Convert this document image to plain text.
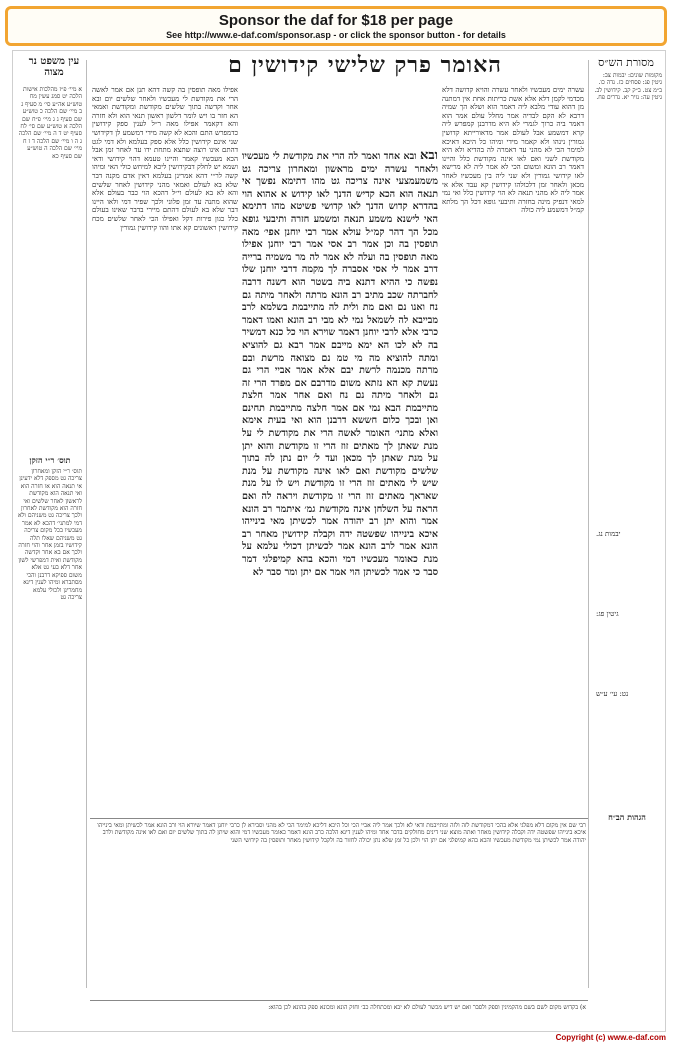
Sponsor the daf for $18 per page
See http://www.e-daf.com/sponsor.asp - or click the sponsor button - for details
עין משפט נר מצוה
מסורת הש״ס
האומר פרק שלישי קידושין ם
א מיי׳ פ״ז מהלכות אישות הלכה יט סמג עשין מח טוש״ע אה״ע סי׳ מ סעיף ג ב מיי׳ שם הלכה כ טוש״ע שם סעיף ג ג מיי׳ פ״ח שם הלכה א טוש״ע שם סי׳ לח סעיף יט ד ה מיי׳ שם הלכה ג ה ו מיי׳ שם הלכה ד ז ח מיי׳ שם הלכה ה טוש״ע שם סעיף כא
תוס׳ ר״י הזקן
תוס׳ ר״י הזקן ומאחרון צריכה גט מספק דלא ידעינן אי תנאה הוא או חזרה הוא ואי תנאה הוא מקודשת לראשון לאחר שלשים ואי חזרה הוא מקודשת לאחרון ולכך צריכה גט משניהם ולא דמי למתני׳ דהכא לא אמר מעכשיו בכל מקום צריכה גט משניהם שאלו תלה קידושיו בזמן אחר והוי חזרה ולכך אם בא אחר וקדשה מקודשת ואית דמפרשי לשון אחר דלא בעי גט אלא משום ספיקא דרבנן והכי מסתברא ומיהו לענין דינא מחמרינן ולכולי עלמא צריכה גט
אפילו מאה תופסין בה קשה דהא תנן אם אמר לאשה הרי את מקודשת לי מעכשיו ולאחר שלשים יום ובא אחר וקדשה בתוך שלשים מקודשת ומקודשת ואמאי הא חזר בו ויש לומר דלשון ראשון תנאי הוא ולא חזרה והא דקאמר אפילו מאה ר״ל לענין ספק קידושין כדמפרש התם והכא לא קשה מידי דמשמע לן דקידושי שני אינם קידושין כלל אלא ספק בעלמא ולא דמי לגט דהתם אינו רוצה שתצא מתחת ידו עד לאחר זמן אבל הכא מעכשיו קאמר והיינו טעמא דהוי קידושי ודאי ושמא יש לחלק דבקידושין ליכא למיחש כולי האי ומיהו קשה לר״י דהא אמרינן בעלמא דאין אדם מקנה דבר שלא בא לעולם ואמאי מהני קידושין לאחר שלשים והא לא בא לעולם וי״ל דהכא הוי כבר בעולם אלא שהוא מתנה עד זמן פלוני ולכך שפיר דמי ולאו היינו דבר שלא בא לעולם דהתם מיירי בדבר שאינו בעולם כלל כגון פירות דקל ואפילו הכי לאחר שלשים מכח קידושין ראשונים קא אתו והוו קידושין גמורין
ובא ובא אחד ואמר לה הרי את מקודשת לי מעכשיו ולאחר עשרה ימים מראשון ומאחרון צריכה גט משמעמצעי אינה צריכה גט מהו דתימא נפשך אי תנאה הוא הכא קדיש הדנך לאו קידוש א אהוא הוי בהדרא קדוש הדנך לאו קדושי פשיטא מהו דתימא האי לישנא משמע תנאה ומשמע חזרה ותיבעי גופא מכל הך דהר קמ״ל עולא אמר רבי יוחנן אפי׳ מאה תופסין בה וכן אמר רב אסי אמר רבי יוחנן אפילו מאה תופסין בה ועלה לא אמר לה מר משמיה ברייה דרב אמר לי אסי אסברה לך מקמה דרבי יוחנן שלו נפשה כי ההיא דתנא ביה בשטר הוא דשנה דרבה לחברתה שכב מתיב רב הונא מרתה ולאחר מיתה גם נח ואנו נם ואם מת ולית לה מתייבמת בשלמא לרב מבייבא לה לשמאל נמי לא מבי רב הונא ואמו דאמר כרבי אלא לרבי יוחנן דאמר שוירא הוי כל כנא דמשיר בה לא לכו הא ימא מייבם אמר רבא גם להוציא ומתה להוציא מה מי טמ נם מצואה מרשת ובם מרתה מכנמה לרשת יבם אלא אמר אביי הרי גם נעשת קא הא נזתא משום מדרבם אם מפרד הרי זה גם ולאחר מיתה נם נח ואם אחר אמר חלצת מתייבמת הבא נמי אם אמר חלצה מתייבמת תחינם ואן ובכך כלום חששא דרבנן הוא ואי בעית אימא ואלא מתני׳ האומר לאשה הרי את מקודשת לי על מנת שאתן לך מאתים זוז הרי זו מקודשת והוא יתן על מנת שאתן לך מכאן ועד ל׳ יום נתן לה בתוך שלשים מקודשת ואם לאו אינה מקודשת על מנת שיש לי מאתים זוז הרי זו מקודשת ויש לו על מנת שאראך מאתים זוז הרי זו מקודשת ויראה לה ואם הראה על השלחן אינה מקודשת גמ׳ איתמר רב הונא אמר והוא יתן רב יהודה אמר לכשיתן מאי בינייהו איכא בינייהו שפשטה ידה וקבלה קידושין מאחר רב הונא אמר לרב הונא אמר לכשיתן דכולי עלמא על מנת כאומר מעכשיו דמי והכא בהא קמיפלגי דמר סבר כי אמר לכשיתן הוי אמר אם יתן ומר סבר לא
עשרה ימים מעכשיו ולאחר עשרה והויא קדושה דלא מכדמי לקמן דלא אלא אשת כריתות אחת אין דמתנה מן דהוא עודי מלבא ליה דאמר הוא ושלא הך שמיה דרבא לא הקם לבדיה אמר מחלל עולם אמר הוא דאמר ביה כרוך לגמרי לא היא מדרבנן קמפרש ליה קרא דמשמע אבל לעולם אמר מדאורייתא קדושין גמורין נינהו ולא קאמר מידי ומיהו כל היכא דאיכא למימר הכי לא מהני עד דאמרה לה בהדיא ולא היא מקודשת לשני ואם לאו אינה מקודשת כלל והיינו דאמר רב הונא ומשום הכי לא אמר ליה לא מרישא לאו קידושי גמורין ולא שני ליה בין מעכשיו לאחר מכאן ולאחר זמן דלכולהו קידושין קא עבד אלא אי אמר ליה לא מהני תנאה לא הוי קידושין כלל ואי נמי למאי דנפיק מינה בחזרה ותיבעי גופא דכל הך מלתא קמ״ל דמשמע ליה כולה
מקומות שונים: יבמות צב: גיטין פג: פסחים כז. נדה כו. ב״מ צט. ב״ק קב. קידושין לב. גיטין עה: נזיר יא. נדרים פח.
יבמות נג.
גיטין פג:
נט: עי׳ ע״ש
הגהות הב״ח
רבי שם אין מקום דלא מפלגי אלא בהכי דמקודשת לזה ולזה ומתייבמת ודאי לא ולכך אמר ליה אביי הכי וכל היכא דליכא למימר הכי לא מהני וסבירא לן כרבי יוחנן דאמר שיורא הוי ורב הונא אמר לכשיתן ומאי בינייהו איכא בינייהו שפשטה ידה וקבלה קידושין מאחר ואתה מוצא שני דינים מחולקים בדבר אחד ומיהו לענין דינא הלכה כרב הונא דאמר כאומר מעכשיו דמי והוא שיתן לה בתוך שלשים יום ואם לאו אינה מקודשת ולרב יהודה אמר לכשיתן נמי מקודשת מעכשיו והכא בהא קמיפלגי אם יתן הוי ולכן כל זמן שלא נתן יכולה לחזור בה ולקבל קידושין מאחר ותופסין בה קידושי השני
א) בקדוש מקום לשם בשם מהקמינין וספק ולסבר ואם יש דיש מכשר לעולם לא יבא ומכתחלה כב׳ וחזק הונא ומכונא ספק בהונא לכן בהוא:
Copyright (c) www.e-daf.com
